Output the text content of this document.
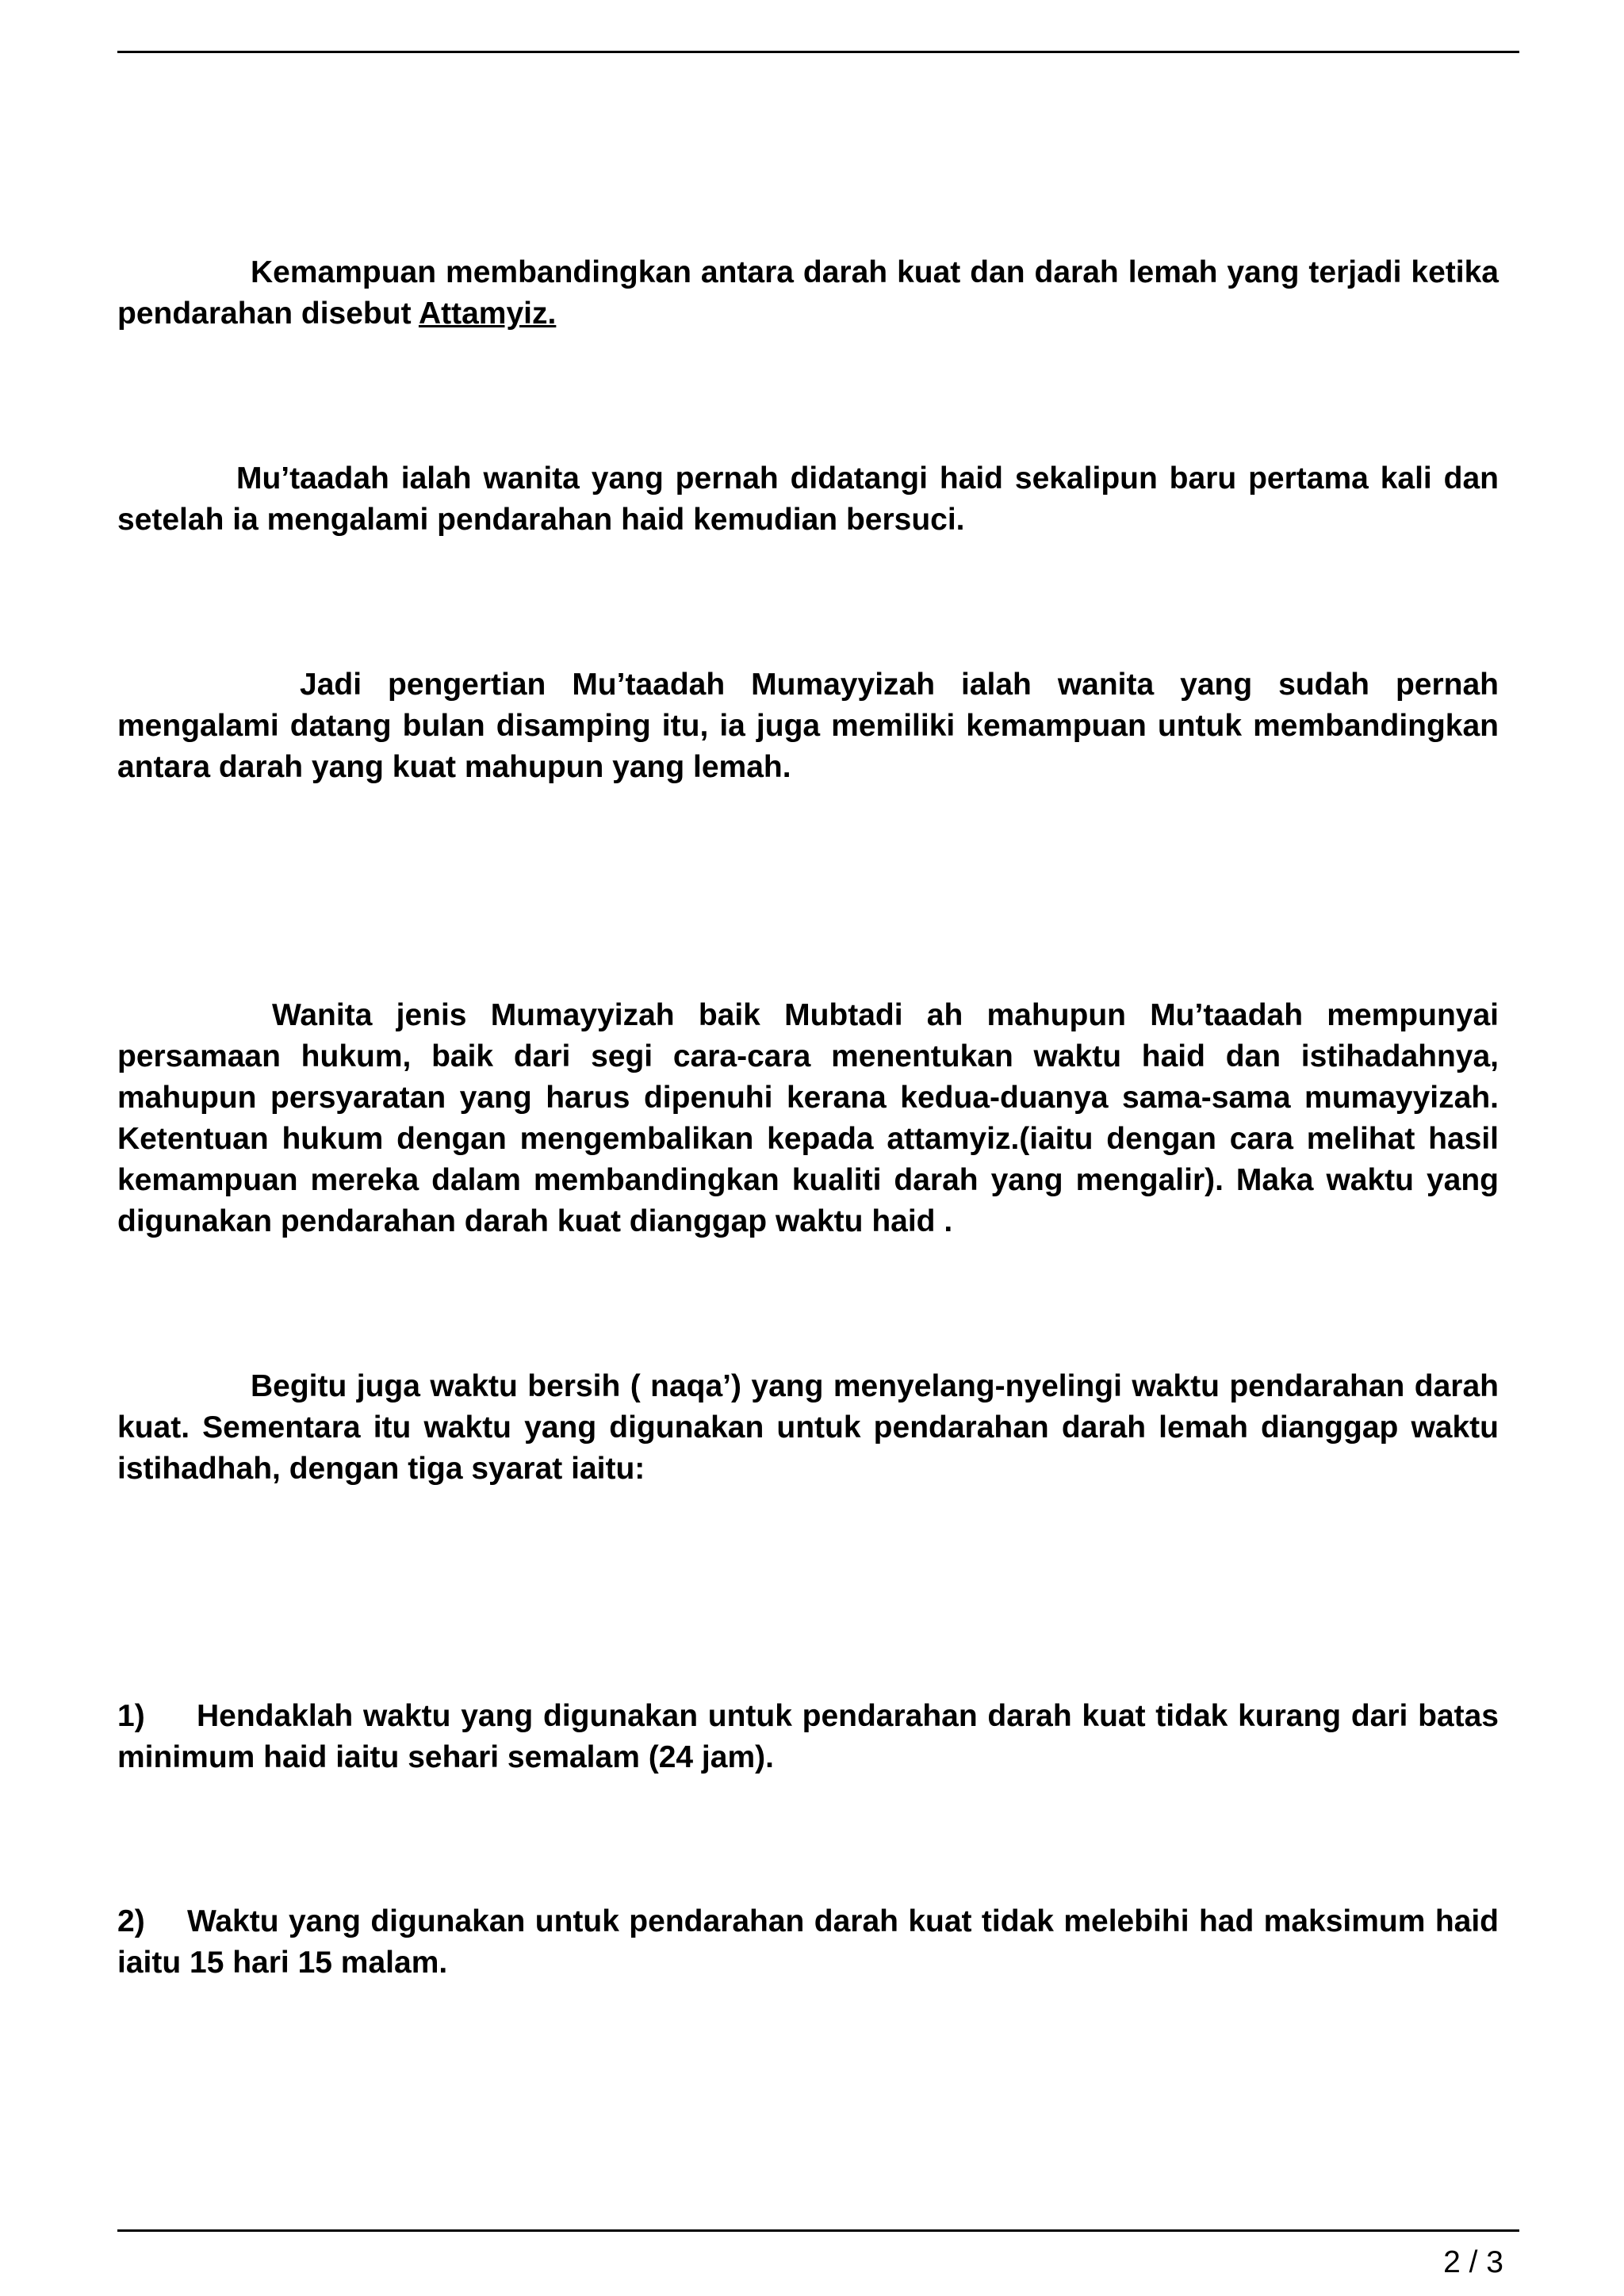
Kemampuan membandingkan antara darah kuat dan darah lemah yang terjadi ketika pendarahan disebut Attamyiz.

Mu’taadah ialah wanita yang pernah didatangi haid sekalipun baru pertama kali dan setelah ia mengalami pendarahan haid kemudian bersuci.

Jadi pengertian Mu’taadah Mumayyizah ialah wanita yang sudah pernah mengalami datang bulan disamping itu, ia juga memiliki kemampuan untuk membandingkan antara darah yang kuat mahupun yang lemah.

Wanita jenis Mumayyizah baik Mubtadi ah mahupun Mu’taadah mempunyai persamaan hukum, baik dari segi cara-cara menentukan waktu haid dan istihadahnya, mahupun persyaratan yang harus dipenuhi kerana kedua-duanya sama-sama mumayyizah. Ketentuan hukum dengan mengembalikan kepada attamyiz.(iaitu dengan cara melihat hasil kemampuan mereka dalam membandingkan kualiti darah yang mengalir). Maka waktu yang digunakan pendarahan darah kuat dianggap waktu haid .

Begitu juga waktu bersih ( naqa’) yang menyelang-nyelingi waktu pendarahan darah kuat. Sementara itu waktu yang digunakan untuk pendarahan darah lemah dianggap waktu istihadhah, dengan tiga syarat iaitu:

1) Hendaklah waktu yang digunakan untuk pendarahan darah kuat tidak kurang dari batas minimum haid iaitu sehari semalam (24 jam).

2) Waktu yang digunakan untuk pendarahan darah kuat tidak melebihi had maksimum haid iaitu 15 hari 15 malam.

2 / 3
